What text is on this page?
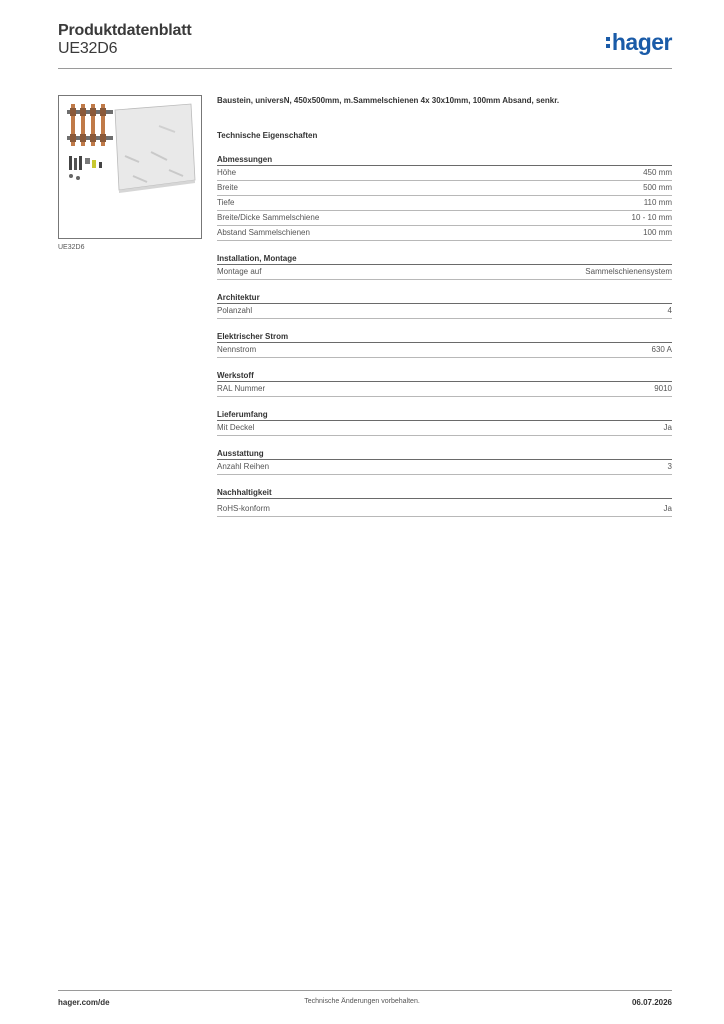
Produktdatenblatt
UE32D6	hager
UE32D6
Baustein, universN, 450x500mm, m.Sammelschienen 4x 30x10mm, 100mm Absand, senkr.
Technische Eigenschaften
Abmessungen
Höhe	450 mm
Breite	500 mm
Tiefe	110 mm
Breite/Dicke Sammelschiene	10 - 10 mm
Abstand Sammelschienen	100 mm
Installation, Montage
Montage auf	Sammelschienensystem
Architektur
Polanzahl	4
Elektrischer Strom
Nennstrom	630 A
Werkstoff
RAL Nummer	9010
Lieferumfang
Mit Deckel	Ja
Ausstattung
Anzahl Reihen	3
Nachhaltigkeit
RoHS-konform	Ja
hager.com/de	Technische Änderungen vorbehalten.	06.07.2026
